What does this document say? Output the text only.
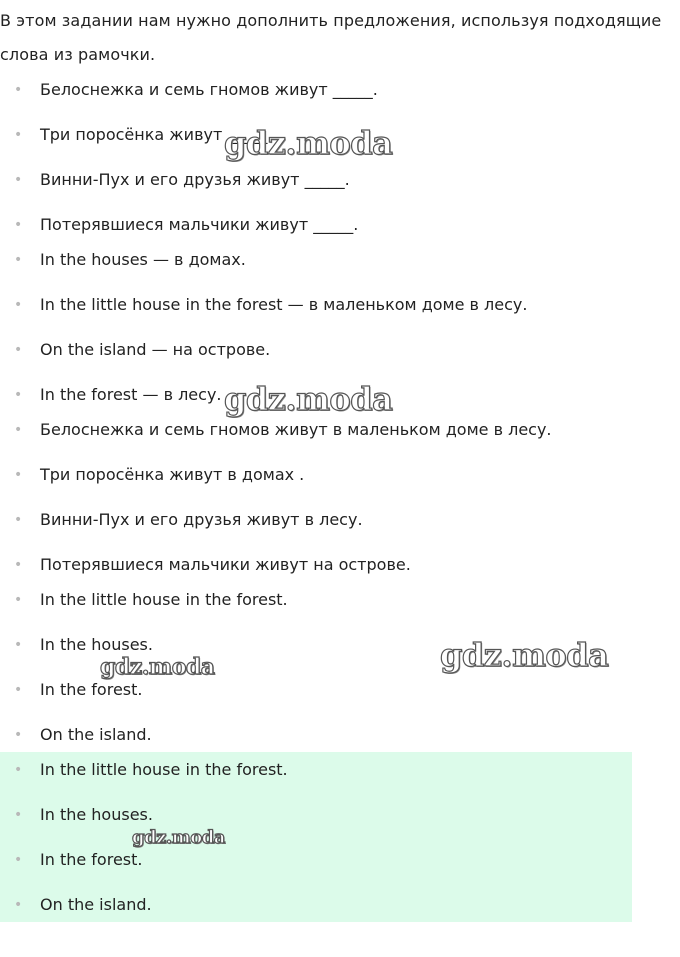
В этом задании нам нужно дополнить предложения, используя подходящие слова из рамочки.
• Белоснежка и семь гномов живут _____.
• Три поросёнка живут _____.
• Винни-Пух и его друзья живут _____.
• Потерявшиеся мальчики живут _____.
• In the houses — в домах.
• In the little house in the forest — в маленьком доме в лесу.
• On the island — на острове.
• In the forest — в лесу.
• Белоснежка и семь гномов живут в маленьком доме в лесу.
• Три поросёнка живут в домах .
• Винни-Пух и его друзья живут в лесу.
• Потерявшиеся мальчики живут на острове.
• In the little house in the forest.
• In the houses.
• In the forest.
• On the island.
• In the little house in the forest.
• In the houses.
• In the forest.
• On the island.
gdz.moda
gdz.moda
gdz.moda
gdz.moda
gdz.moda
